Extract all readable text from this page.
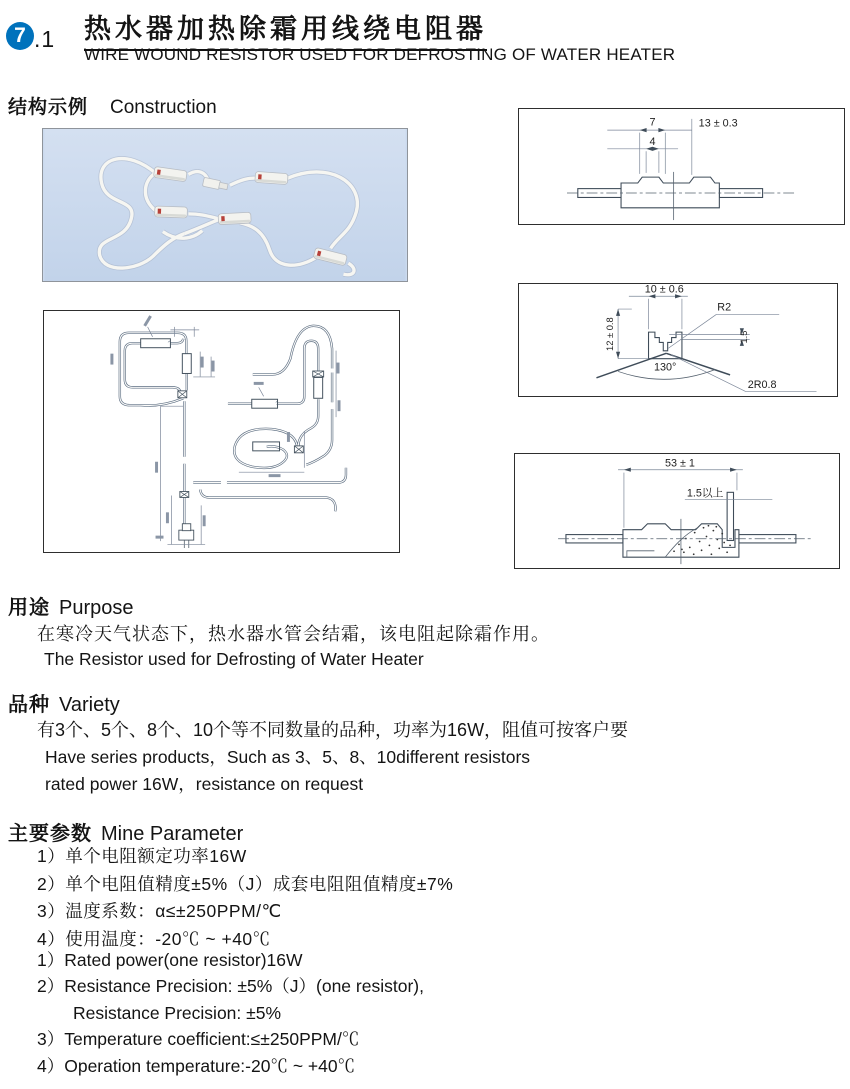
7 .1 热水器加热除霜用线绕电阻器
WIRE WOUND RESISTOR USED FOR DEFROSTING OF WATER HEATER
结构示例 Construction
7
4
13 ± 0.3
10 ± 0.6
12 ± 0.8
R2
1.5
130°
2R0.8
53 ± 1
1.5以上
用途 Purpose
在寒冷天气状态下，热水器水管会结霜，该电阻起除霜作用。
The Resistor used for Defrosting of Water Heater
品种 Variety
有3个、5个、8个、10个等不同数量的品种，功率为16W，阻值可按客户要
Have series products，Such as 3、5、8、10different resistors
rated power 16W，resistance on request
主要参数 Mine Parameter
1）单个电阻额定功率16W
2）单个电阻值精度±5%（J）成套电阻阻值精度±7%
3）温度系数：α≤±250PPM/℃
4）使用温度：-20℃ ~ +40℃
1）Rated power(one resistor)16W
2）Resistance Precision: ±5%（J）(one resistor),
Resistance Precision: ±5%
3）Temperature coefficient:≤±250PPM/℃
4）Operation temperature:-20℃ ~ +40℃
